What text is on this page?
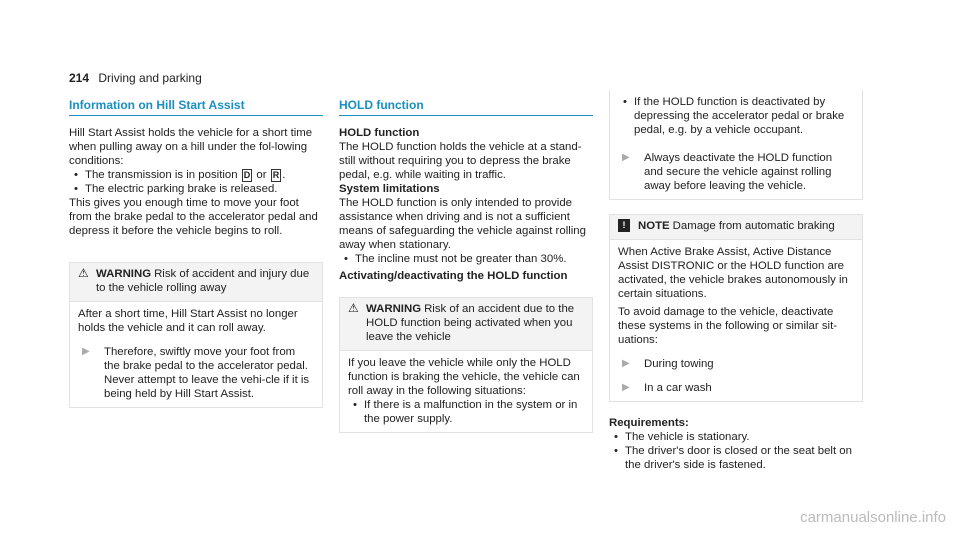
214 Driving and parking
Information on Hill Start Assist

Hill Start Assist holds the vehicle for a short time when pulling away on a hill under the fol-lowing conditions:

• The transmission is in position D or R .
• The electric parking brake is released.

This gives you enough time to move your foot from the brake pedal to the accelerator pedal and depress it before the vehicle begins to roll.

⚠ WARNING Risk of accident and injury due to the vehicle rolling away

After a short time, Hill Start Assist no longer holds the vehicle and it can roll away.

▶	Therefore, swiftly move your foot from the brake pedal to the accelerator pedal. Never attempt to leave the vehi-cle if it is being held by Hill Start Assist.
HOLD function

HOLD function

The HOLD function holds the vehicle at a stand-still without requiring you to depress the brake pedal, e.g. while waiting in traffic.

System limitations

The HOLD function is only intended to provide assistance when driving and is not a sufficient means of safeguarding the vehicle against rolling away when stationary.

• The incline must not be greater than 30%.

Activating/deactivating the HOLD function

⚠ WARNING Risk of an accident due to the HOLD function being activated when you leave the vehicle

If you leave the vehicle while only the HOLD function is braking the vehicle, the vehicle can roll away in the following situations:

• If there is a malfunction in the system or in the power supply.
• If the HOLD function is deactivated by depressing the accelerator pedal or brake pedal, e.g. by a vehicle occupant.
▶	Always deactivate the HOLD function and secure the vehicle against rolling away before leaving the vehicle.
! NOTE Damage from automatic braking

When Active Brake Assist, Active Distance Assist DISTRONIC or the HOLD function are activated, the vehicle brakes autonomously in certain situations.

To avoid damage to the vehicle, deactivate these systems in the following or similar sit-uations:

▶	During towing
▶	In a car wash

Requirements:

• The vehicle is stationary.
• The driver's door is closed or the seat belt on the driver's side is fastened.
carmanualsonline.info
